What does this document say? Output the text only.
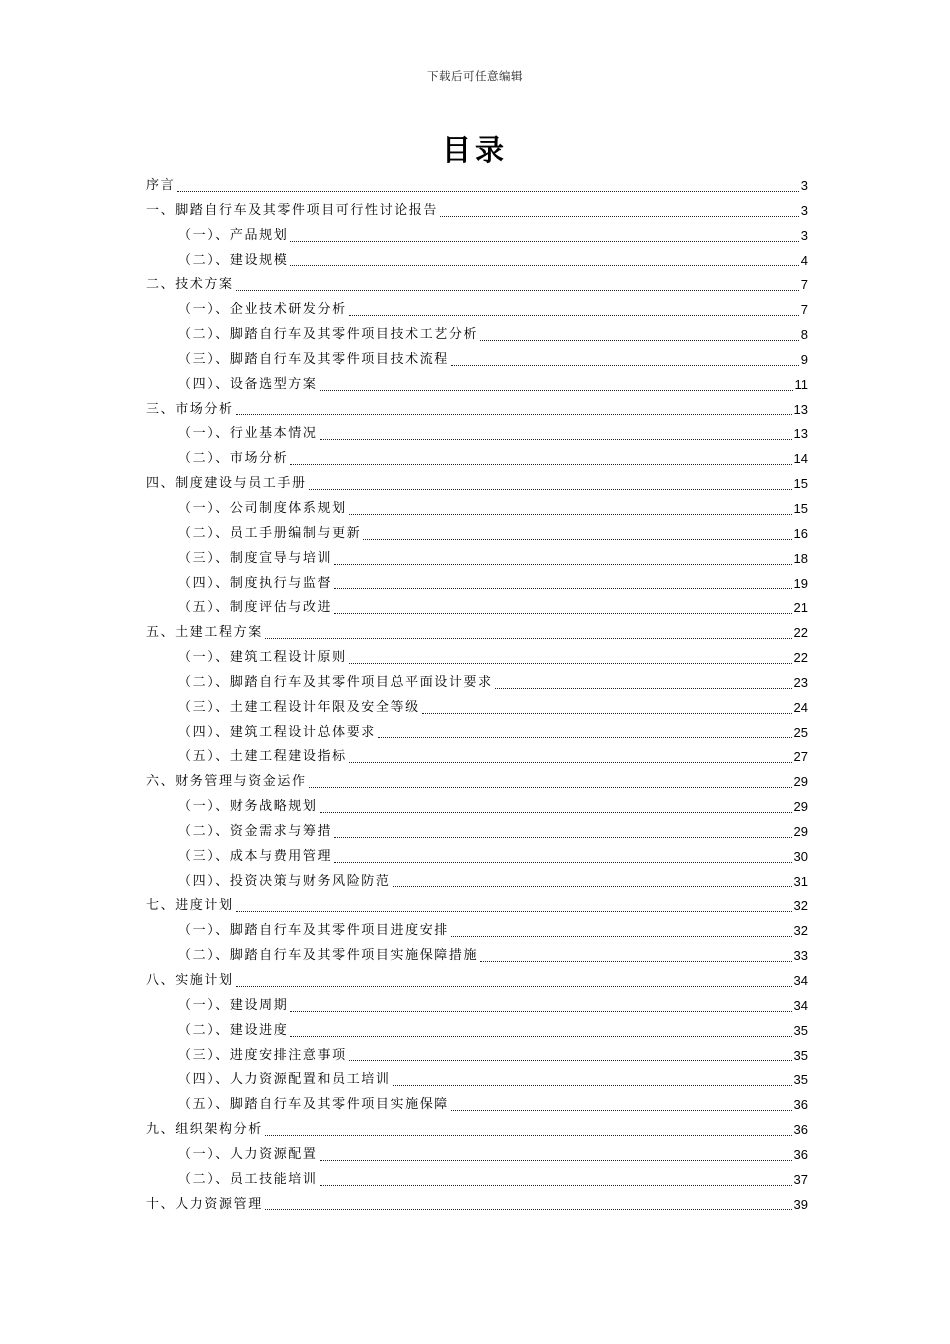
下载后可任意编辑
目录
序言	3
一、脚踏自行车及其零件项目可行性讨论报告	3
（一）、产品规划	3
（二）、建设规模	4
二、技术方案	7
（一）、企业技术研发分析	7
（二）、脚踏自行车及其零件项目技术工艺分析	8
（三）、脚踏自行车及其零件项目技术流程	9
（四）、设备选型方案	11
三、市场分析	13
（一）、行业基本情况	13
（二）、市场分析	14
四、制度建设与员工手册	15
（一）、公司制度体系规划	15
（二）、员工手册编制与更新	16
（三）、制度宣导与培训	18
（四）、制度执行与监督	19
（五）、制度评估与改进	21
五、土建工程方案	22
（一）、建筑工程设计原则	22
（二）、脚踏自行车及其零件项目总平面设计要求	23
（三）、土建工程设计年限及安全等级	24
（四）、建筑工程设计总体要求	25
（五）、土建工程建设指标	27
六、财务管理与资金运作	29
（一）、财务战略规划	29
（二）、资金需求与筹措	29
（三）、成本与费用管理	30
（四）、投资决策与财务风险防范	31
七、进度计划	32
（一）、脚踏自行车及其零件项目进度安排	32
（二）、脚踏自行车及其零件项目实施保障措施	33
八、实施计划	34
（一）、建设周期	34
（二）、建设进度	35
（三）、进度安排注意事项	35
（四）、人力资源配置和员工培训	35
（五）、脚踏自行车及其零件项目实施保障	36
九、组织架构分析	36
（一）、人力资源配置	36
（二）、员工技能培训	37
十、人力资源管理	39
